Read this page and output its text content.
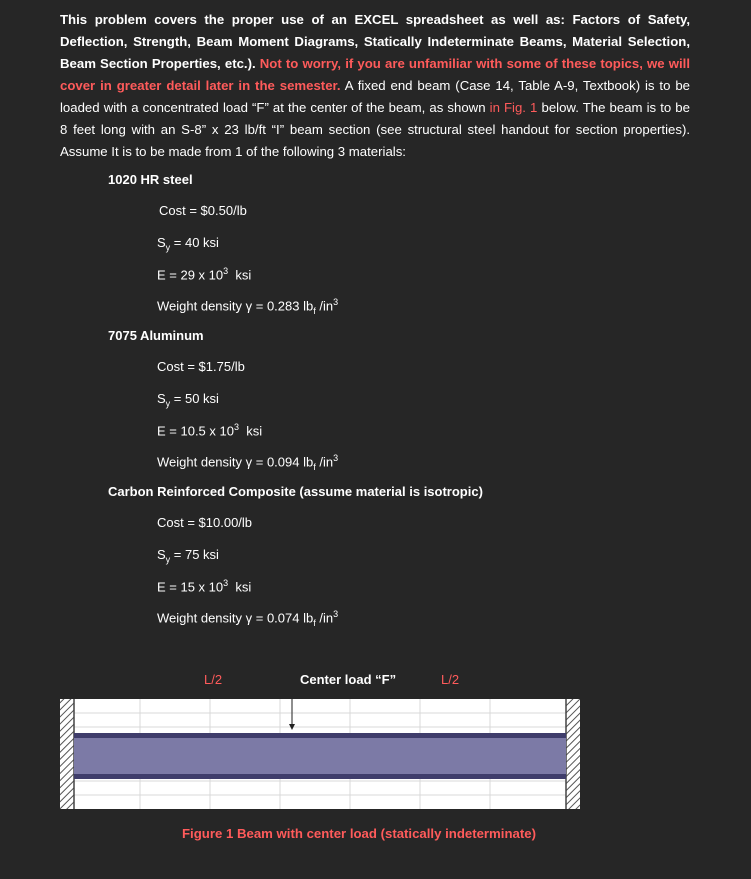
This problem covers the proper use of an EXCEL spreadsheet as well as: Factors of Safety, Deflection, Strength, Beam Moment Diagrams, Statically Indeterminate Beams, Material Selection, Beam Section Properties, etc.). Not to worry, if you are unfamiliar with some of these topics, we will cover in greater detail later in the semester. A fixed end beam (Case 14, Table A-9, Textbook) is to be loaded with a concentrated load “F” at the center of the beam, as shown in Fig. 1 below. The beam is to be 8 feet long with an S-8” x 23 lb/ft “I” beam section (see structural steel handout for section properties). Assume It is to be made from 1 of the following 3 materials:

1020 HR steel
Cost = $0.50/lb
$S_y = 40$ ksi
E = 29 x $10^3$  ksi
Weight density γ = 0.283 $lb_f$ $/in^3$
7075 Aluminum
Cost = $1.75/lb
$S_y = 50$ ksi
E = 10.5 x $10^3$  ksi
Weight density γ = 0.094 $lb_f$ $/in^3$
Carbon Reinforced Composite (assume material is isotropic)
Cost = $10.00/lb
$S_y = 75$ ksi
E = 15 x $10^3$  ksi
Weight density γ = 0.074 $lb_f$ $/in^3$
L/2	Center load “F”	L/2
Figure 1 Beam with center load (statically indeterminate)
